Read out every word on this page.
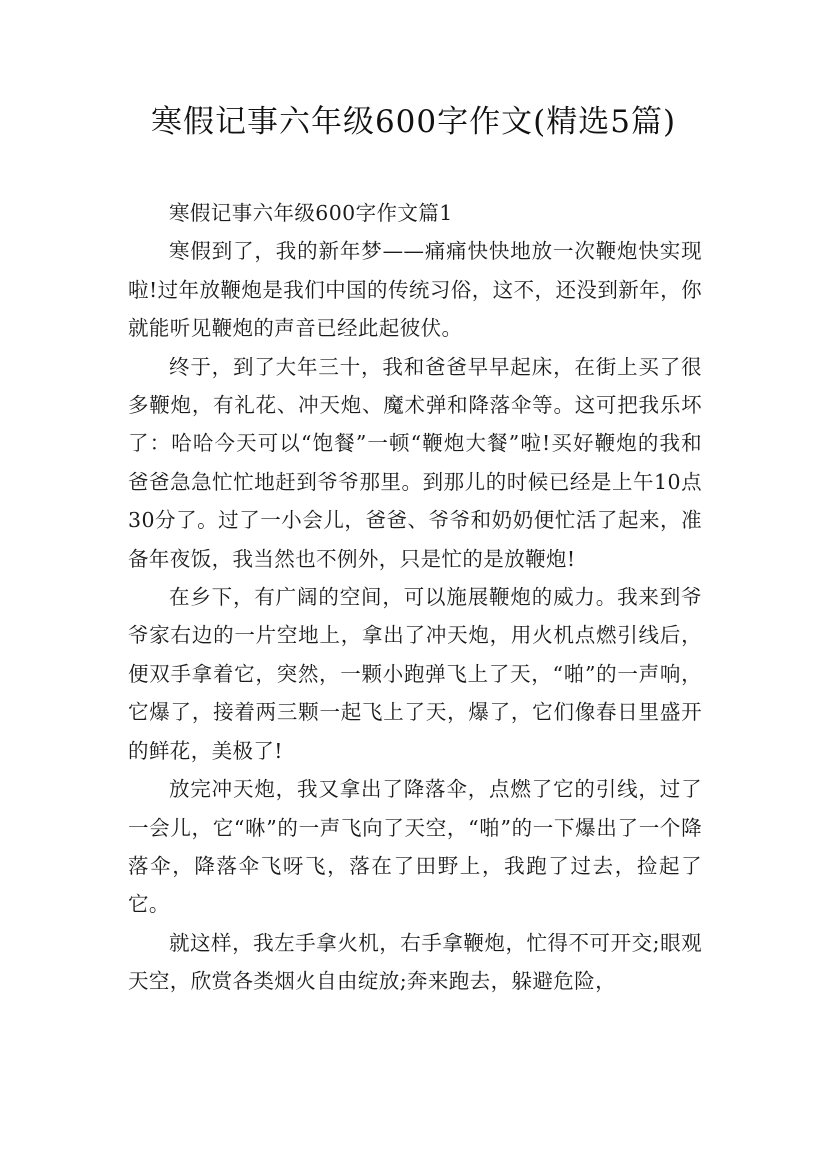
寒假记事六年级600字作文(精选5篇)

寒假记事六年级600字作文篇1

寒假到了，我的新年梦——痛痛快快地放一次鞭炮快实现啦!过年放鞭炮是我们中国的传统习俗，这不，还没到新年，你就能听见鞭炮的声音已经此起彼伏。

终于，到了大年三十，我和爸爸早早起床，在街上买了很多鞭炮，有礼花、冲天炮、魔术弹和降落伞等。这可把我乐坏了：哈哈今天可以“饱餐”一顿“鞭炮大餐”啦!买好鞭炮的我和爸爸急急忙忙地赶到爷爷那里。到那儿的时候已经是上午10点30分了。过了一小会儿，爸爸、爷爷和奶奶便忙活了起来，准备年夜饭，我当然也不例外，只是忙的是放鞭炮!

在乡下，有广阔的空间，可以施展鞭炮的威力。我来到爷爷家右边的一片空地上，拿出了冲天炮，用火机点燃引线后，便双手拿着它，突然，一颗小跑弹飞上了天，“啪”的一声响，它爆了，接着两三颗一起飞上了天，爆了，它们像春日里盛开的鲜花，美极了!

放完冲天炮，我又拿出了降落伞，点燃了它的引线，过了一会儿，它“咻”的一声飞向了天空，“啪”的一下爆出了一个降落伞，降落伞飞呀飞，落在了田野上，我跑了过去，捡起了它。

就这样，我左手拿火机，右手拿鞭炮，忙得不可开交;眼观天空，欣赏各类烟火自由绽放;奔来跑去，躲避危险，
